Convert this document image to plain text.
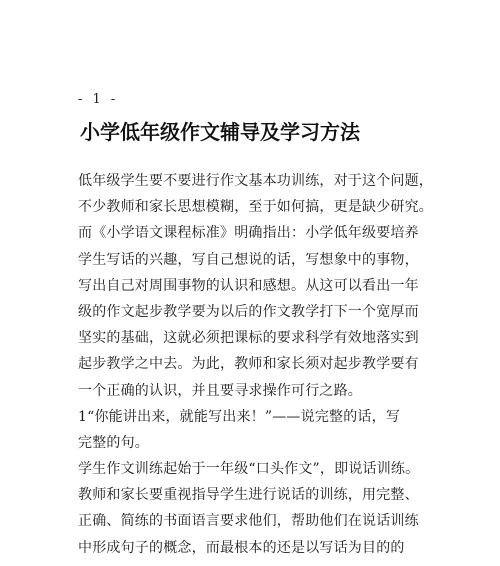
- 1 -
小学低年级作文辅导及学习方法
低年级学生要不要进行作文基本功训练，对于这个问题，
不少教师和家长思想模糊，至于如何搞，更是缺少研究。
而《小学语文课程标准》明确指出：小学低年级要培养
学生写话的兴趣，写自己想说的话，写想象中的事物，
写出自己对周围事物的认识和感想。从这可以看出一年
级的作文起步教学要为以后的作文教学打下一个宽厚而
坚实的基础，这就必须把课标的要求科学有效地落实到
起步教学之中去。为此，教师和家长须对起步教学要有
一个正确的认识，并且要寻求操作可行之路。
1“你能讲出来，就能写出来！”——说完整的话，写
完整的句。
学生作文训练起始于一年级“口头作文”，即说话训练。
教师和家长要重视指导学生进行说话的训练，用完整、
正确、简练的书面语言要求他们，帮助他们在说话训练
中形成句子的概念，而最根本的还是以写话为目的的
